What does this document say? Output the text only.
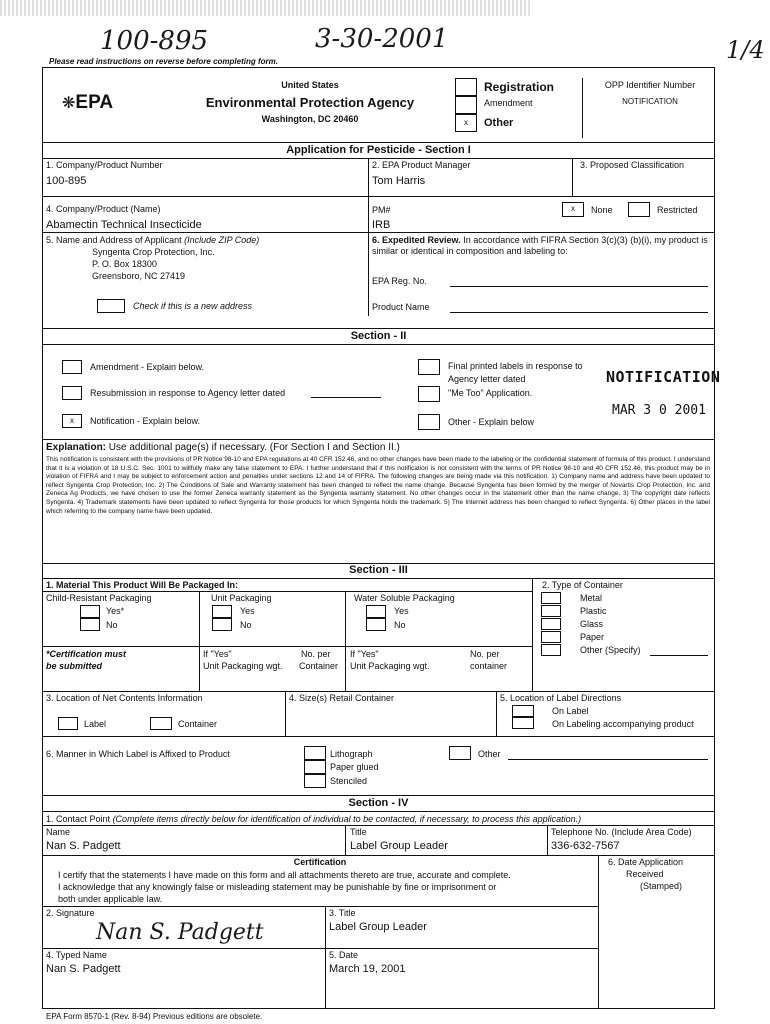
100-895	3-30-2001	1/4
Please read instructions on reverse before completing form.
❋EPA
United States
Environmental Protection Agency
Washington, DC 20460	x
Registration
Amendment
Other
OPP Identifier Number
NOTIFICATION
Application for Pesticide - Section I
1. Company/Product Number
100-895
2. EPA Product Manager
Tom Harris
3. Proposed Classification
4. Company/Product (Name)
Abamectin Technical Insecticide
PM#
IRB
x	None	Restricted
5. Name and Address of Applicant (Include ZIP Code)
Syngenta Crop Protection, Inc.
P. O. Box 18300
Greensboro, NC 27419
Check if this is a new address
6. Expedited Review. In accordance with FIFRA Section 3(c)(3) (b)(i), my product is similar or identical in composition and labeling to:
EPA Reg. No.
Product Name
Section - II
Amendment - Explain below.
Resubmission in response to Agency letter dated
x	Notification - Explain below.
Final printed labels in response to
Agency letter dated
"Me Too" Application.
Other - Explain below
NOTIFICATION
MAR 3 0 2001
Explanation: Use additional page(s) if necessary. (For Section I and Section II.)
This notification is consistent with the provisions of PR Notice 98-10 and EPA regulations at 40 CFR 152.46, and no other changes have been made to the labeling or the confidential statement of formula of this product. I understand that it is a violation of 18 U.S.C. Sec. 1001 to willfully make any false statement to EPA. I further understand that if this notification is not consistent with the terms of PR Notice 98-10 and 40 CFR 152.46, this product may be in violation of FIFRA and I may be subject to enforcement action and penalties under sections 12 and 14 of FIFRA. The following changes are being made via this notification. 1) Company name and address have been updated to reflect Syngenta Crop Protection, Inc. 2) The Conditions of Sale and Warranty statement has been changed to reflect the name change. Because Syngenta has been formed by the merger of Novartis Crop Protection, Inc. and Zeneca Ag Products, we have chosen to use the former Zeneca warranty statement as the Syngenta warranty statement. No other changes occur in the statement other than the name change. 3) The copyright date reflects Syngenta. 4) Trademark statements have been updated to reflect Syngenta for those products for which Syngenta holds the trademark. 5) The Internet address has been changed to reflect Syngenta. 6) Other places in the label which referring to the company name have been updated.
Section - III
1. Material This Product Will Be Packaged In:
Child-Resistant Packaging
Yes*
No
Unit Packaging
Yes
No
Water Soluble Packaging
Yes
No
2. Type of Container
Metal
Plastic
Glass
Paper
Other (Specify)
*Certification must
be submitted
If "Yes"
Unit Packaging wgt.
No. per
Container
If "Yes"
Unit Packaging wgt.
No. per
container
3. Location of Net Contents Information
Label	Container
4. Size(s) Retail Container	5. Location of Label Directions
On Label
On Labeling accompanying product
6. Manner in Which Label is Affixed to Product	Lithograph
Paper glued
Stenciled
Other
Section - IV
1. Contact Point (Complete items directly below for identification of individual to be contacted, if necessary, to process this application.)
Name
Nan S. Padgett
Title
Label Group Leader
Telephone No. (Include Area Code)
336-632-7567
Certification
I certify that the statements I have made on this form and all attachments thereto are true, accurate and complete.
I acknowledge that any knowingly false or misleading statement may be punishable by fine or imprisonment or
both under applicable law.
6. Date Application
Received
(Stamped)
2. Signature
Nan S. Padgett
3. Title
Label Group Leader
4. Typed Name
Nan S. Padgett
5. Date
March 19, 2001
EPA Form 8570-1 (Rev. 8-94) Previous editions are obsolete.
